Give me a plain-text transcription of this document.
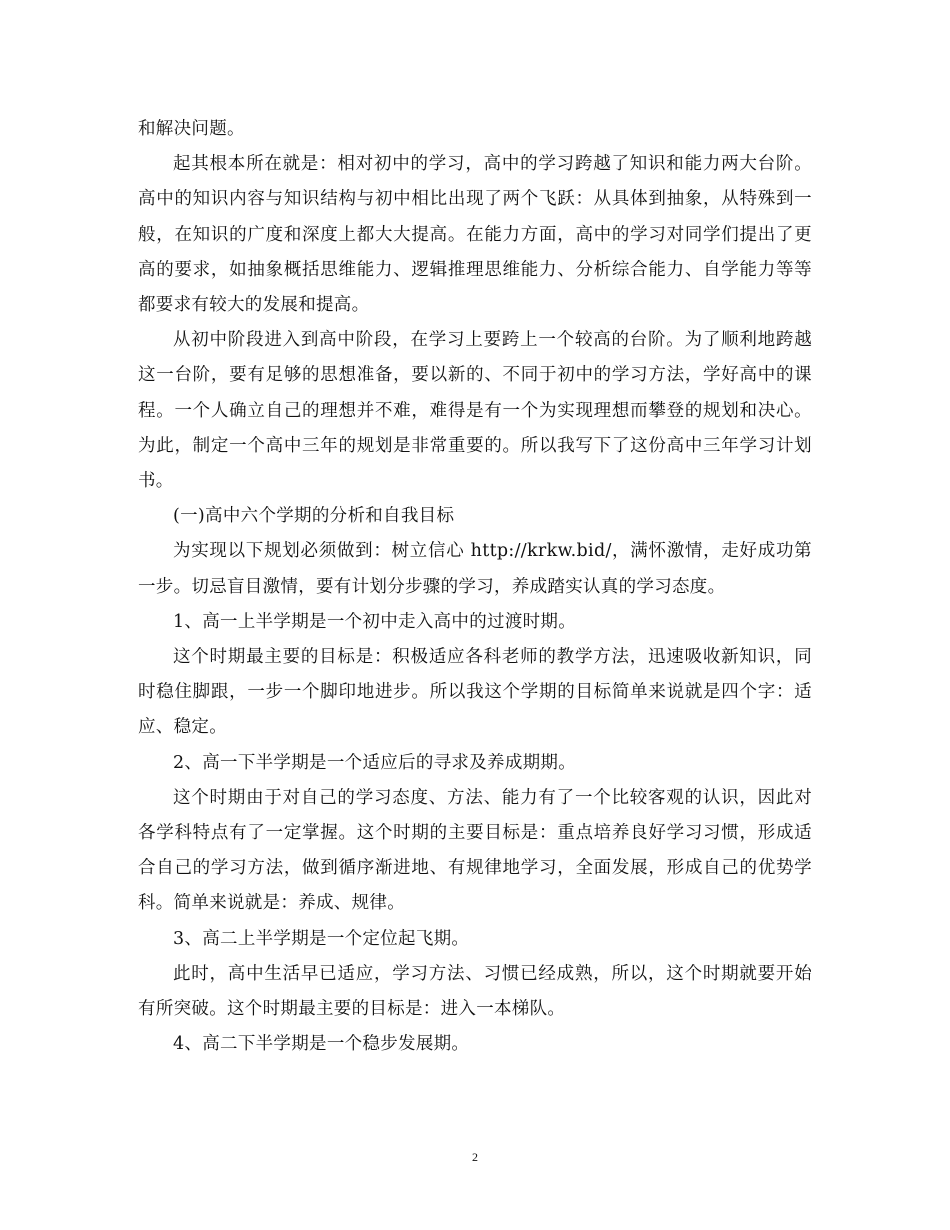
和解决问题。

起其根本所在就是：相对初中的学习，高中的学习跨越了知识和能力两大台阶。高中的知识内容与知识结构与初中相比出现了两个飞跃：从具体到抽象，从特殊到一般，在知识的广度和深度上都大大提高。在能力方面，高中的学习对同学们提出了更高的要求，如抽象概括思维能力、逻辑推理思维能力、分析综合能力、自学能力等等都要求有较大的发展和提高。

从初中阶段进入到高中阶段，在学习上要跨上一个较高的台阶。为了顺利地跨越这一台阶，要有足够的思想准备，要以新的、不同于初中的学习方法，学好高中的课程。一个人确立自己的理想并不难，难得是有一个为实现理想而攀登的规划和决心。为此，制定一个高中三年的规划是非常重要的。所以我写下了这份高中三年学习计划书。

(一)高中六个学期的分析和自我目标

为实现以下规划必须做到：树立信心 http://krkw.bid/，满怀激情，走好成功第一步。切忌盲目激情，要有计划分步骤的学习，养成踏实认真的学习态度。

1、高一上半学期是一个初中走入高中的过渡时期。

这个时期最主要的目标是：积极适应各科老师的教学方法，迅速吸收新知识，同时稳住脚跟，一步一个脚印地进步。所以我这个学期的目标简单来说就是四个字：适应、稳定。

2、高一下半学期是一个适应后的寻求及养成期期。

这个时期由于对自己的学习态度、方法、能力有了一个比较客观的认识，因此对各学科特点有了一定掌握。这个时期的主要目标是：重点培养良好学习习惯，形成适合自己的学习方法，做到循序渐进地、有规律地学习，全面发展，形成自己的优势学科。简单来说就是：养成、规律。

3、高二上半学期是一个定位起飞期。

此时，高中生活早已适应，学习方法、习惯已经成熟，所以，这个时期就要开始有所突破。这个时期最主要的目标是：进入一本梯队。

4、高二下半学期是一个稳步发展期。

2
